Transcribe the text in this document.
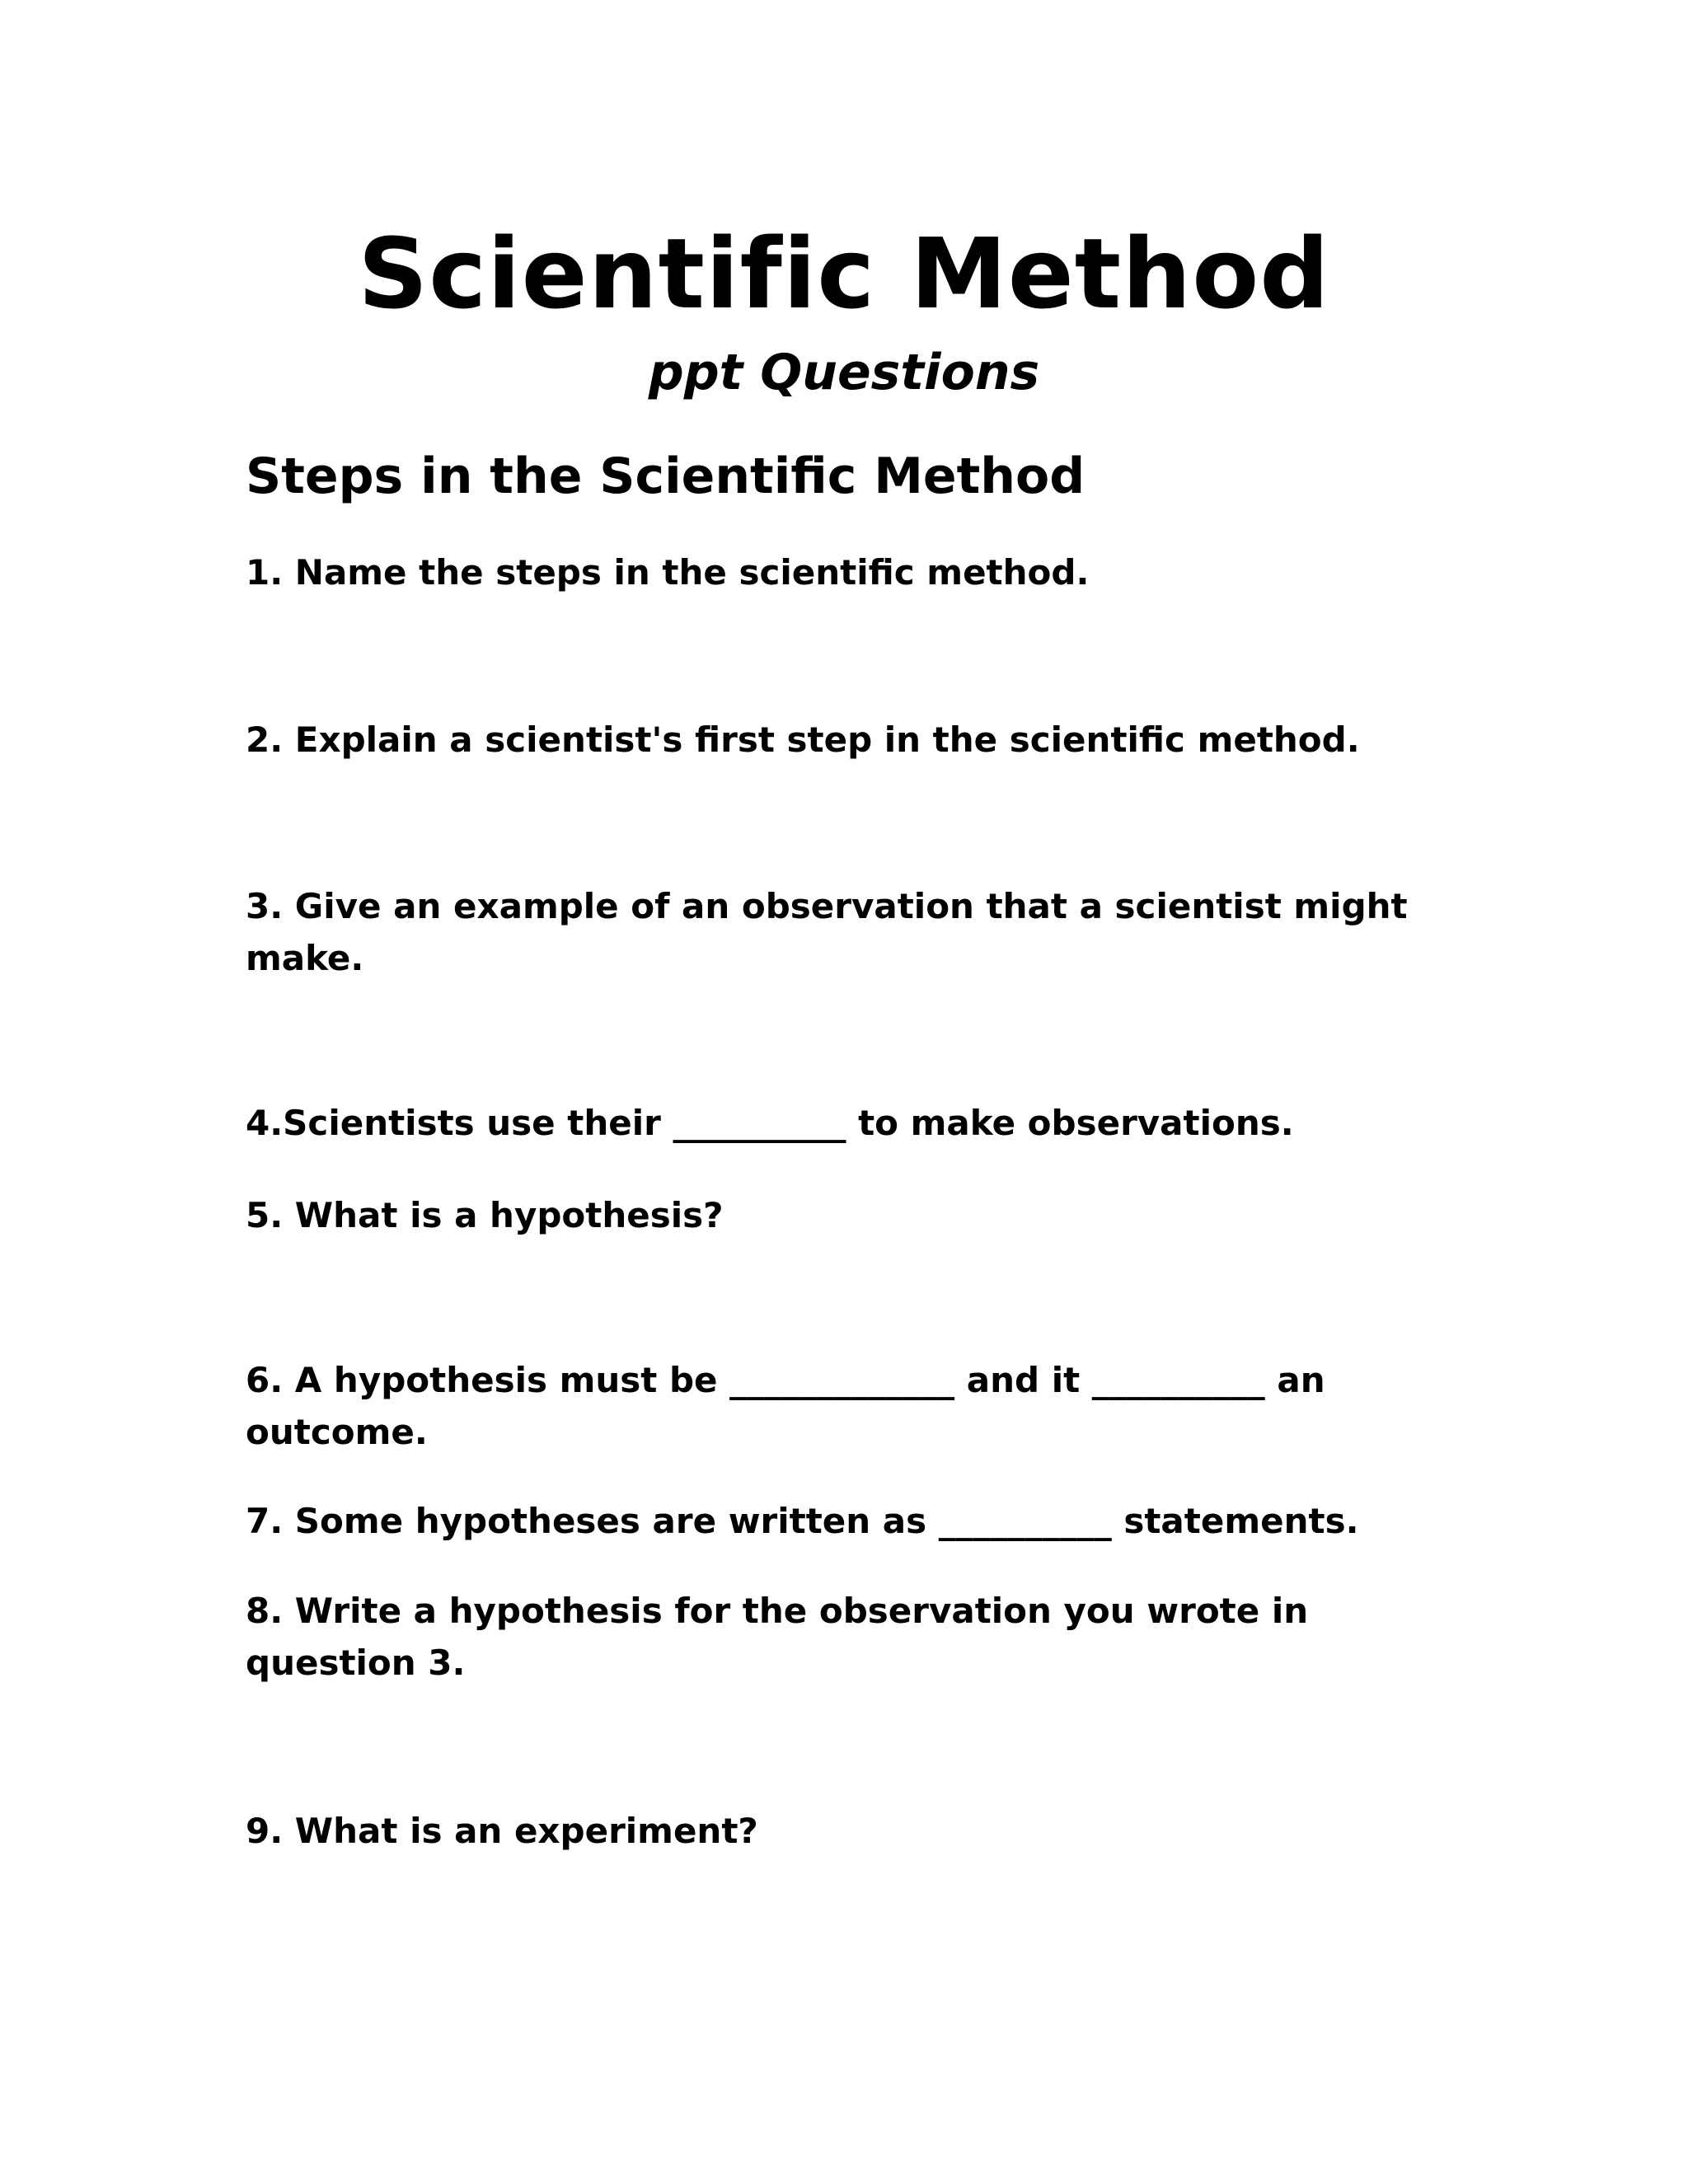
Scientific Method
ppt Questions
Steps in the Scientific Method
1. Name the steps in the scientific method.
2. Explain a scientist's first step in the scientific method.
3. Give an example of an observation that a scientist might make.
4.Scientists use their __________ to make observations.
5. What is a hypothesis?
6. A hypothesis must be _____________ and it __________ an outcome.
7. Some hypotheses are written as __________ statements.
8. Write a hypothesis for the observation you wrote in question 3.
9. What is an experiment?
